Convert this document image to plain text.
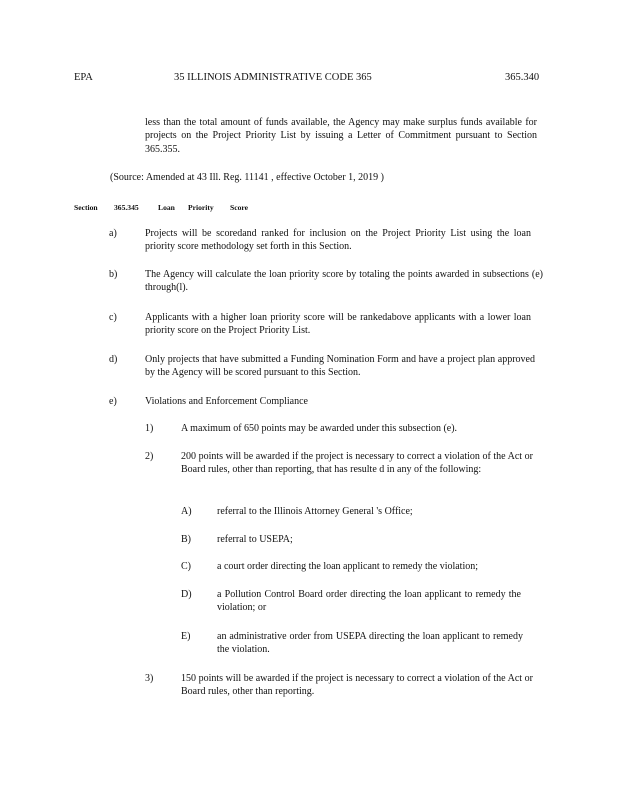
EPA	35 ILLINOIS ADMINISTRATIVE CODE 365	365.340
less than the total amount of funds available, the Agency may make surplus funds available for projects on the Project Priority List by issuing a Letter of Commitment pursuant to Section 365.355.
(Source: Amended at 43 Ill. Reg. 11141 , effective October 1, 2019 )
Section 365.345	Loan Priority Score
a)	Projects will be scoredand ranked for inclusion on the Project Priority List using the loan priority score methodology set forth in this Section.
b)	The Agency will calculate the loan priority score by totaling the points awarded in subsections (e) through(l).
c)	Applicants with a higher loan priority score will be rankedabove applicants with a lower loan priority score on the Project Priority List.
d)	Only projects that have submitted a Funding Nomination Form and have a project plan approved by the Agency will be scored pursuant to this Section.
e)	Violations and Enforcement Compliance
1)	A maximum of 650 points may be awarded under this subsection (e).
2)	200 points will be awarded if the project is necessary to correct a violation of the Act or Board rules, other than reporting, that has resulte d in any of the following:
A)	referral to the Illinois Attorney General 's Office;
B)	referral to USEPA;
C)	a court order directing the loan applicant to remedy the violation;
D)	a Pollution Control Board order directing the loan applicant to remedy the violation; or
E)	an administrative order from USEPA directing the loan applicant to remedy the violation.
3)	150 points will be awarded if the project is necessary to correct a violation of the Act or Board rules, other than reporting.
